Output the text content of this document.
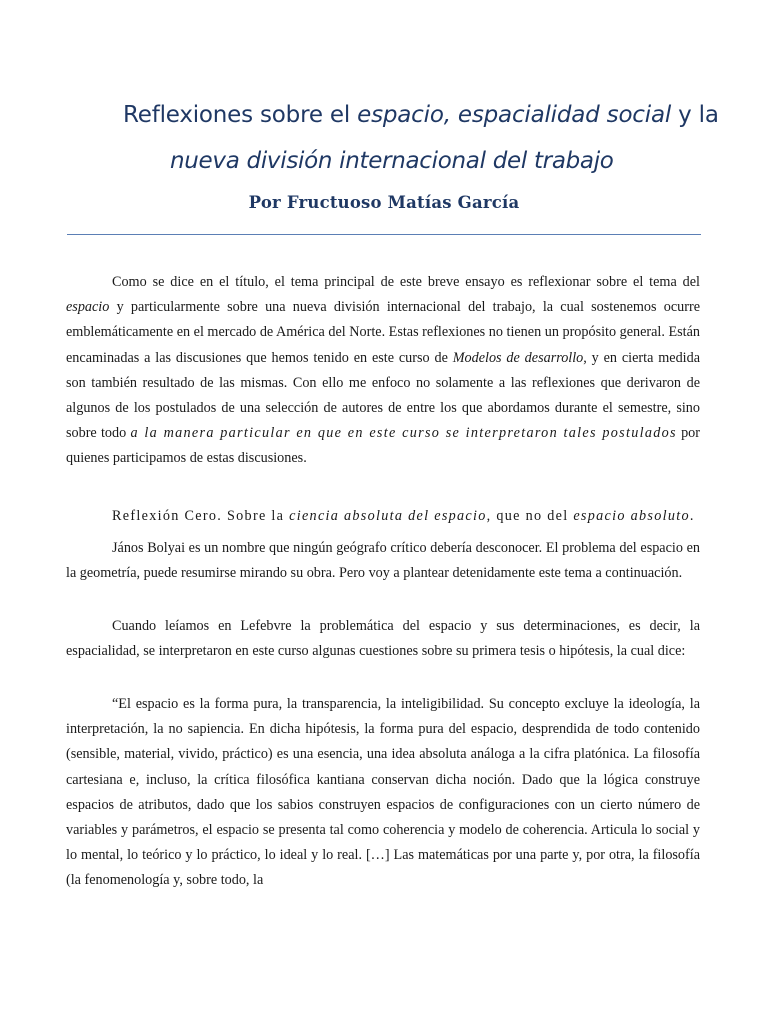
Reflexiones sobre el espacio, espacialidad social y la
nueva división internacional del trabajo
Por Fructuoso Matías García

Como se dice en el título, el tema principal de este breve ensayo es reflexionar sobre el tema del espacio y particularmente sobre una nueva división internacional del trabajo, la cual sostenemos ocurre emblemáticamente en el mercado de América del Norte. Estas reflexiones no tienen un propósito general. Están encaminadas a las discusiones que hemos tenido en este curso de Modelos de desarrollo, y en cierta medida son también resultado de las mismas. Con ello me enfoco no solamente a las reflexiones que derivaron de algunos de los postulados de una selección de autores de entre los que abordamos durante el semestre, sino sobre todo a la manera particular en que en este curso se interpretaron tales postulados por quienes participamos de estas discusiones.

Reflexión Cero. Sobre la ciencia absoluta del espacio, que no del espacio absoluto.

János Bolyai es un nombre que ningún geógrafo crítico debería desconocer. El problema del espacio en la geometría, puede resumirse mirando su obra. Pero voy a plantear detenidamente este tema a continuación.

Cuando leíamos en Lefebvre la problemática del espacio y sus determinaciones, es decir, la espacialidad, se interpretaron en este curso algunas cuestiones sobre su primera tesis o hipótesis, la cual dice:

“El espacio es la forma pura, la transparencia, la inteligibilidad. Su concepto excluye la ideología, la interpretación, la no sapiencia. En dicha hipótesis, la forma pura del espacio, desprendida de todo contenido (sensible, material, vivido, práctico) es una esencia, una idea absoluta análoga a la cifra platónica. La filosofía cartesiana e, incluso, la crítica filosófica kantiana conservan dicha noción. Dado que la lógica construye espacios de atributos, dado que los sabios construyen espacios de configuraciones con un cierto número de variables y parámetros, el espacio se presenta tal como coherencia y modelo de coherencia. Articula lo social y lo mental, lo teórico y lo práctico, lo ideal y lo real. […] Las matemáticas por una parte y, por otra, la filosofía (la fenomenología y, sobre todo, la
